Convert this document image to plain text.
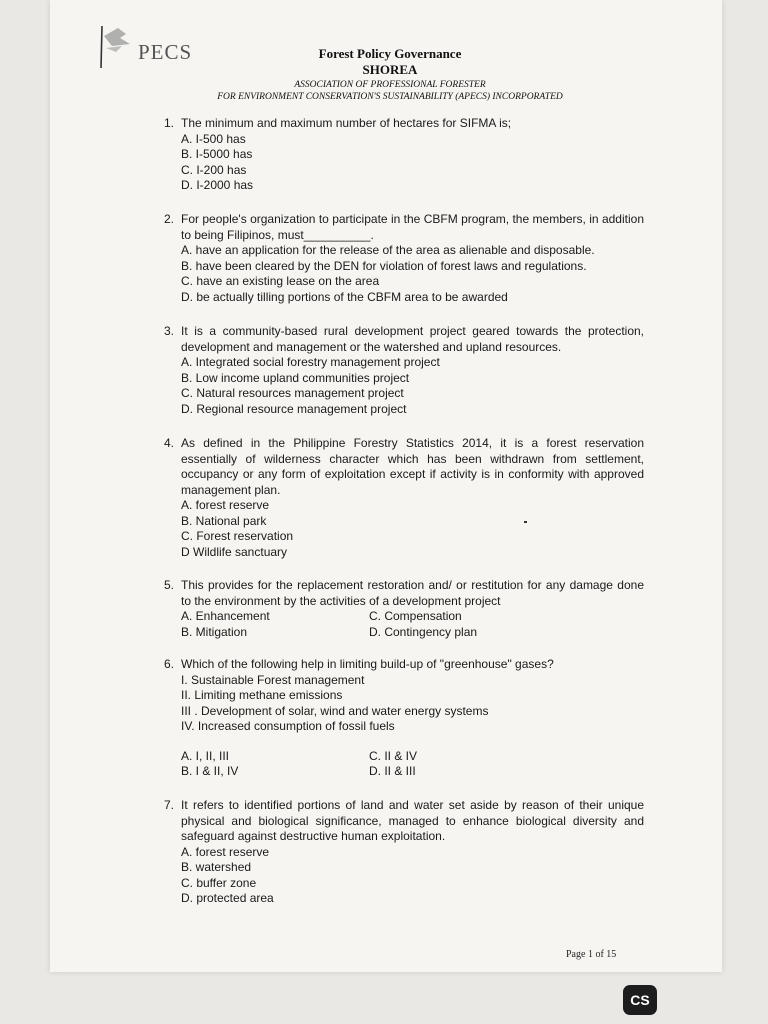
PECS	Forest Policy Governance
SHOREA
ASSOCIATION OF PROFESSIONAL FORESTER
FOR ENVIRONMENT CONSERVATION'S SUSTAINABILITY (APECS) INCORPORATED
1. The minimum and maximum number of hectares for SIFMA is;
A. I-500 has
B. I-5000 has
C. I-200 has
D. I-2000 has
2. For people's organization to participate in the CBFM program, the members, in addition to being Filipinos, must__________.
A. have an application for the release of the area as alienable and disposable.
B. have been cleared by the DEN for violation of forest laws and regulations.
C. have an existing lease on the area
D. be actually tilling portions of the CBFM area to be awarded
3. It is a community-based rural development project geared towards the protection, development and management or the watershed and upland resources.
A. Integrated social forestry management project
B. Low income upland communities project
C. Natural resources management project
D. Regional resource management project
4. As defined in the Philippine Forestry Statistics 2014, it is a forest reservation essentially of wilderness character which has been withdrawn from settlement, occupancy or any form of exploitation except if activity is in conformity with approved management plan.
A. forest reserve
B. National park
C. Forest reservation
D Wildlife sanctuary
5. This provides for the replacement restoration and/ or restitution for any damage done to the environment by the activities of a development project
A. Enhancement	C. Compensation
B. Mitigation	D. Contingency plan
6. Which of the following help in limiting build-up of "greenhouse" gases?
I. Sustainable Forest management
II. Limiting methane emissions
III . Development of solar, wind and water energy systems
IV. Increased consumption of fossil fuels
A. I, II, III	C. II & IV
B. I & II, IV	D. II & III
7. It refers to identified portions of land and water set aside by reason of their unique physical and biological significance, managed to enhance biological diversity and safeguard against destructive human exploitation.
A. forest reserve
B. watershed
C. buffer zone
D. protected area
Page 1 of 15
CS
